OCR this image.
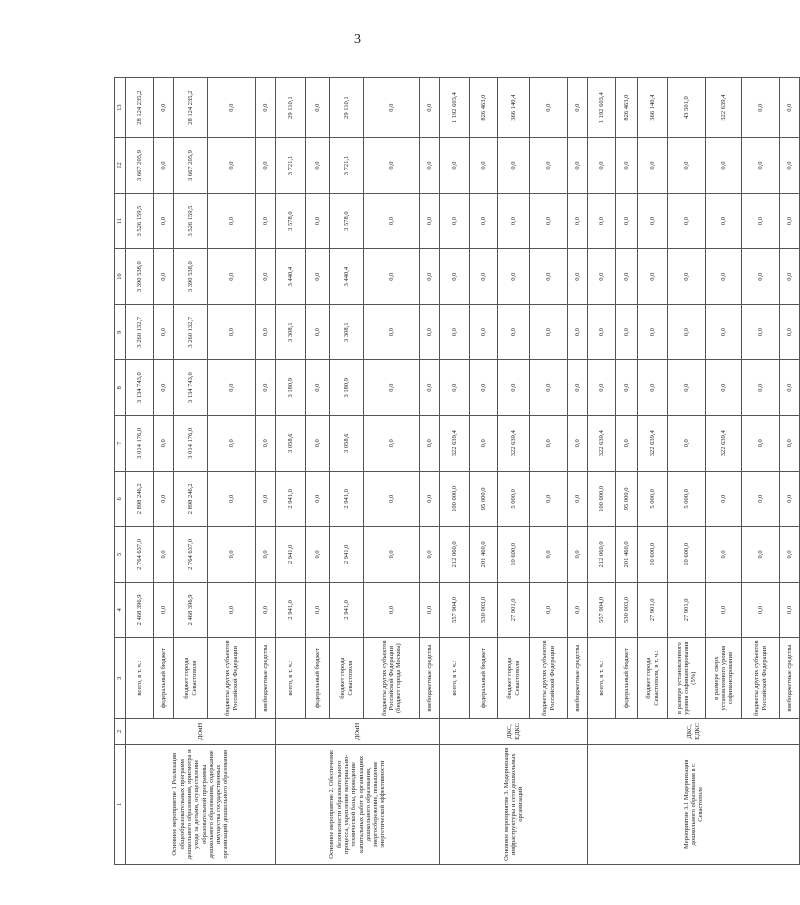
3
1	2	3	4	5	6	7	8	9	10	11	12	13
Основное мероприятие 1 Реализация общеобразовательных программ дошкольного образования, присмотра и ухода за детьми, осуществление образовательной программы дошкольного образования, содержание имущества государственных организаций дошкольного образования	ДОиН	всего, в т. ч.:	2 468 396,9	2 764 637,0	2 898 246,2	3 014 176,0	3 134 743,0	3 260 132,7	3 390 538,0	3 526 159,5	3 667 205,9	28 124 235,2
		федеральный бюджет	0,0	0,0	0,0	0,0	0,0	0,0	0,0	0,0	0,0	0,0
		бюджет города Севастополя	2 468 396,9	2 764 637,0	2 898 246,2	3 014 176,0	3 134 743,0	3 260 132,7	3 390 538,0	3 526 159,5	3 667 205,9	28 124 235,2
		бюджеты других субъектов Российской Федерации	0,0	0,0	0,0	0,0	0,0	0,0	0,0	0,0	0,0	0,0
		внебюджетные средства	0,0	0,0	0,0	0,0	0,0	0,0	0,0	0,0	0,0	0,0
Основное мероприятие 2. Обеспечение безопасности образовательного процесса, укрепление материально-технической базы, проведение капитальных работ в организациях дошкольного образования, энергосбережение, повышение энергетической эффективности	ДОиН	всего, в т. ч.:	2 941,0	2 941,0	2 941,0	3 058,6	3 180,9	3 308,1	3 440,4	3 578,0	3 721,1	29 110,1
		федеральный бюджет	0,0	0,0	0,0	0,0	0,0	0,0	0,0	0,0	0,0	0,0
		бюджет города Севастополя	2 941,0	2 941,0	2 941,0	3 058,6	3 180,9	3 308,1	3 440,4	3 578,0	3 721,1	29 110,1
		бюджеты других субъектов Российской Федерации (бюджет города Москвы)	0,0	0,0	0,0	0,0	0,0	0,0	0,0	0,0	0,0	0,0
		внебюджетные средства	0,0	0,0	0,0	0,0	0,0	0,0	0,0	0,0	0,0	0,0
Основное мероприятие 3. Модернизация инфраструктуры и сети дошкольных организаций	ДКС, ЕДКС	всего, в т. ч.:	557 904,0	212 060,0	100 000,0	322 639,4	0,0	0,0	0,0	0,0	0,0	1 192 603,4
		федеральный бюджет	530 003,0	201 460,0	95 000,0	0,0	0,0	0,0	0,0	0,0	0,0	826 463,0
		бюджет города Севастополя	27 901,0	10 600,0	5 000,0	322 639,4	0,0	0,0	0,0	0,0	0,0	366 140,4
		бюджеты других субъектов Российской Федерации	0,0	0,0	0,0	0,0	0,0	0,0	0,0	0,0	0,0	0,0
		внебюджетные средства	0,0	0,0	0,0	0,0	0,0	0,0	0,0	0,0	0,0	0,0
Мероприятие 3.1 Модернизация дошкольного образования в г. Севастополе	ДКС, ЕДКС	всего, в т. ч.:	557 904,0	212 060,0	100 000,0	322 639,4	0,0	0,0	0,0	0,0	0,0	1 192 603,4
		федеральный бюджет	530 003,0	201 460,0	95 000,0	0,0	0,0	0,0	0,0	0,0	0,0	826 463,0
		бюджет города Севастополя, в т. ч.:	27 901,0	10 600,0	5 000,0	322 639,4	0,0	0,0	0,0	0,0	0,0	366 140,4
		в размере установленного уровня софинансирования (5%)	27 901,0	10 600,0	5 000,0	0,0	0,0	0,0	0,0	0,0	0,0	43 501,0
		в размере сверх установленного уровня софинансирования	0,0	0,0	0,0	322 639,4	0,0	0,0	0,0	0,0	0,0	322 639,4
		бюджеты других субъектов Российской Федерации	0,0	0,0	0,0	0,0	0,0	0,0	0,0	0,0	0,0	0,0
		внебюджетные средства	0,0	0,0	0,0	0,0	0,0	0,0	0,0	0,0	0,0	0,0
